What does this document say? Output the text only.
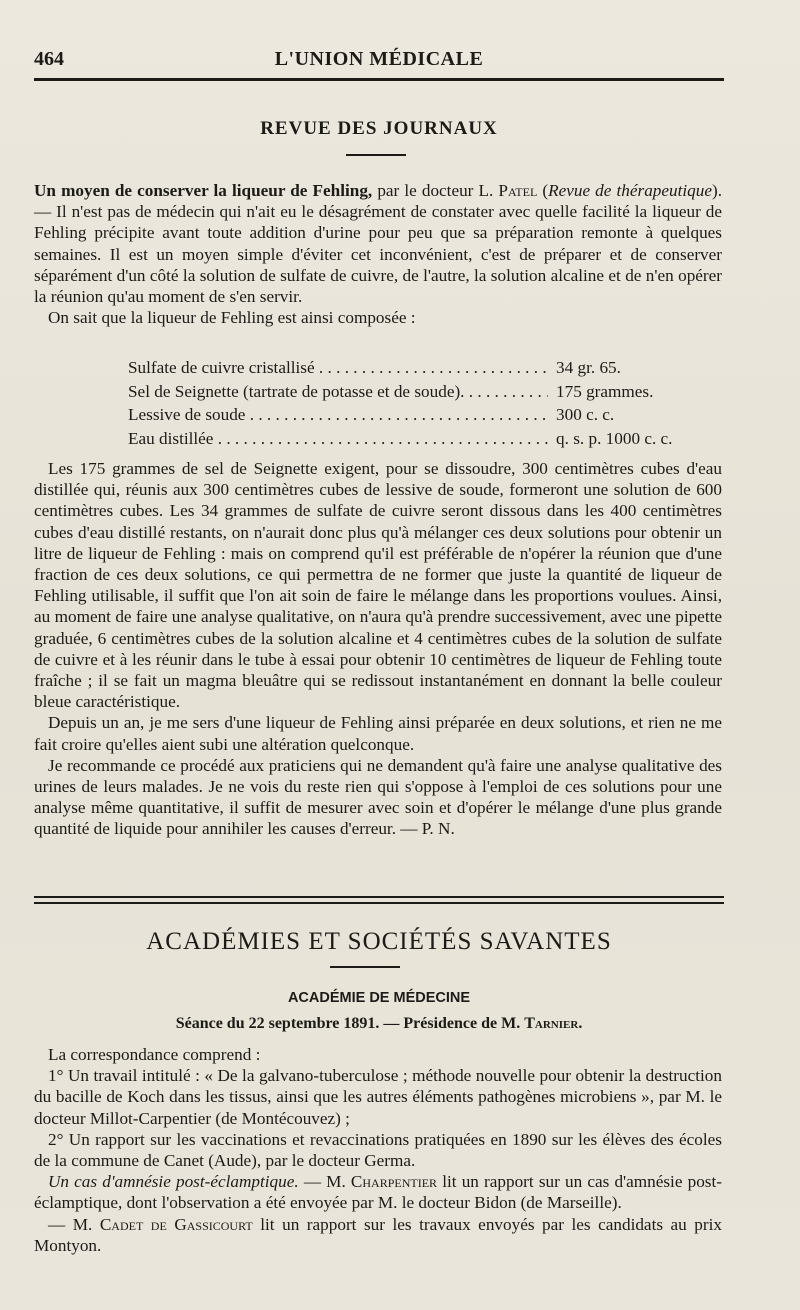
464	L'UNION MÉDICALE
REVUE DES JOURNAUX

Un moyen de conserver la liqueur de Fehling, par le docteur L. Patel (Revue de thérapeutique). — Il n'est pas de médecin qui n'ait eu le désagrément de constater avec quelle facilité la liqueur de Fehling précipite avant toute addition d'urine pour peu que sa préparation remonte à quelques semaines. Il est un moyen simple d'éviter cet inconvénient, c'est de préparer et de conserver séparément d'un côté la solution de sulfate de cuivre, de l'autre, la solution alcaline et de n'en opérer la réunion qu'au moment de s'en servir.

On sait que la liqueur de Fehling est ainsi composée :

Sulfate de cuivre cristallisé . . .	34 gr. 65.
Sel de Seignette (tartrate de potasse et de soude). . . .	175 grammes.
Lessive de soude . . .	300 c. c.
Eau distillée . . .	q. s. p. 1000 c. c.

Les 175 grammes de sel de Seignette exigent, pour se dissoudre, 300 centimètres cubes d'eau distillée qui, réunis aux 300 centimètres cubes de lessive de soude, formeront une solution de 600 centimètres cubes. Les 34 grammes de sulfate de cuivre seront dissous dans les 400 centimètres cubes d'eau distillé restants, on n'aurait donc plus qu'à mélanger ces deux solutions pour obtenir un litre de liqueur de Fehling : mais on comprend qu'il est préférable de n'opérer la réunion que d'une fraction de ces deux solutions, ce qui permettra de ne former que juste la quantité de liqueur de Fehling utilisable, il suffit que l'on ait soin de faire le mélange dans les proportions voulues. Ainsi, au moment de faire une analyse qualitative, on n'aura qu'à prendre successivement, avec une pipette graduée, 6 centimètres cubes de la solution alcaline et 4 centimètres cubes de la solution de sulfate de cuivre et à les réunir dans le tube à essai pour obtenir 10 centimètres de liqueur de Fehling toute fraîche ; il se fait un magma bleuâtre qui se redissout instantanément en donnant la belle couleur bleue caractéristique.

Depuis un an, je me sers d'une liqueur de Fehling ainsi préparée en deux solutions, et rien ne me fait croire qu'elles aient subi une altération quelconque.

Je recommande ce procédé aux praticiens qui ne demandent qu'à faire une analyse qualitative des urines de leurs malades. Je ne vois du reste rien qui s'oppose à l'emploi de ces solutions pour une analyse même quantitative, il suffit de mesurer avec soin et d'opérer le mélange d'une plus grande quantité de liquide pour annihiler les causes d'erreur. — P. N.

ACADÉMIES ET SOCIÉTÉS SAVANTES
ACADÉMIE DE MÉDECINE
Séance du 22 septembre 1891. — Présidence de M. Tarnier.

La correspondance comprend :

1° Un travail intitulé : « De la galvano-tuberculose ; méthode nouvelle pour obtenir la destruction du bacille de Koch dans les tissus, ainsi que les autres éléments pathogènes microbiens », par M. le docteur Millot-Carpentier (de Montécouvez) ;

2° Un rapport sur les vaccinations et revaccinations pratiquées en 1890 sur les élèves des écoles de la commune de Canet (Aude), par le docteur Germa.

Un cas d'amnésie post-éclamptique. — M. Charpentier lit un rapport sur un cas d'amnésie post-éclamptique, dont l'observation a été envoyée par M. le docteur Bidon (de Marseille).

— M. Cadet de Gassicourt lit un rapport sur les travaux envoyés par les candidats au prix Montyon.
